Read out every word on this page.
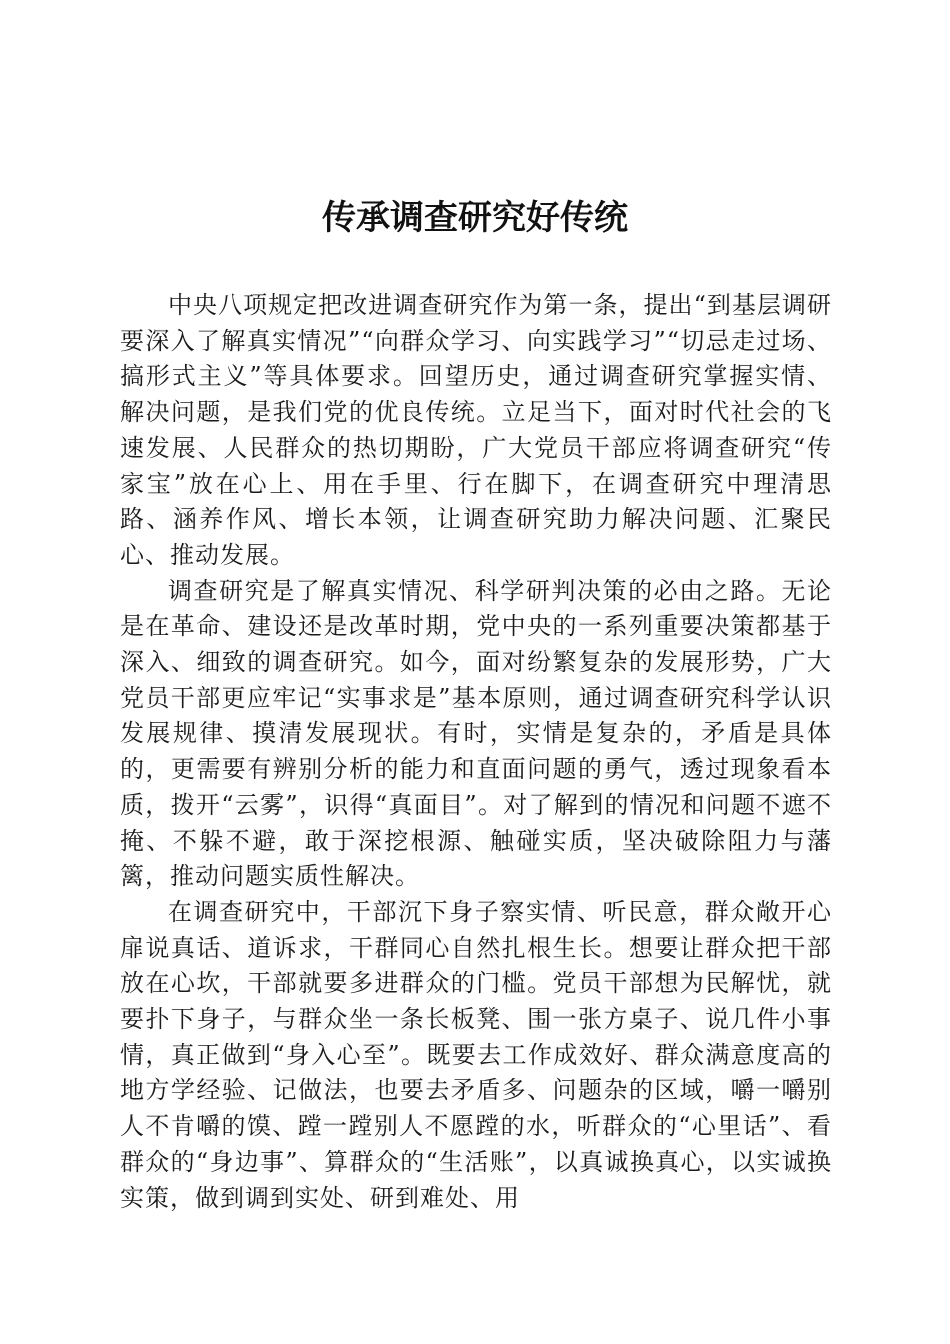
传承调查研究好传统

中央八项规定把改进调查研究作为第一条，提出“到基层调研要深入了解真实情况”“向群众学习、向实践学习”“切忌走过场、搞形式主义”等具体要求。回望历史，通过调查研究掌握实情、解决问题，是我们党的优良传统。立足当下，面对时代社会的飞速发展、人民群众的热切期盼，广大党员干部应将调查研究“传家宝”放在心上、用在手里、行在脚下，在调查研究中理清思路、涵养作风、增长本领，让调查研究助力解决问题、汇聚民心、推动发展。

调查研究是了解真实情况、科学研判决策的必由之路。无论是在革命、建设还是改革时期，党中央的一系列重要决策都基于深入、细致的调查研究。如今，面对纷繁复杂的发展形势，广大党员干部更应牢记“实事求是”基本原则，通过调查研究科学认识发展规律、摸清发展现状。有时，实情是复杂的，矛盾是具体的，更需要有辨别分析的能力和直面问题的勇气，透过现象看本质，拨开“云雾”，识得“真面目”。对了解到的情况和问题不遮不掩、不躲不避，敢于深挖根源、触碰实质，坚决破除阻力与藩篱，推动问题实质性解决。

在调查研究中，干部沉下身子察实情、听民意，群众敞开心扉说真话、道诉求，干群同心自然扎根生长。想要让群众把干部放在心坎，干部就要多进群众的门槛。党员干部想为民解忧，就要扑下身子，与群众坐一条长板凳、围一张方桌子、说几件小事情，真正做到“身入心至”。既要去工作成效好、群众满意度高的地方学经验、记做法，也要去矛盾多、问题杂的区域，嚼一嚼别人不肯嚼的馍、蹚一蹚别人不愿蹚的水，听群众的“心里话”、看群众的“身边事”、算群众的“生活账”，以真诚换真心，以实诚换实策，做到调到实处、研到难处、用
